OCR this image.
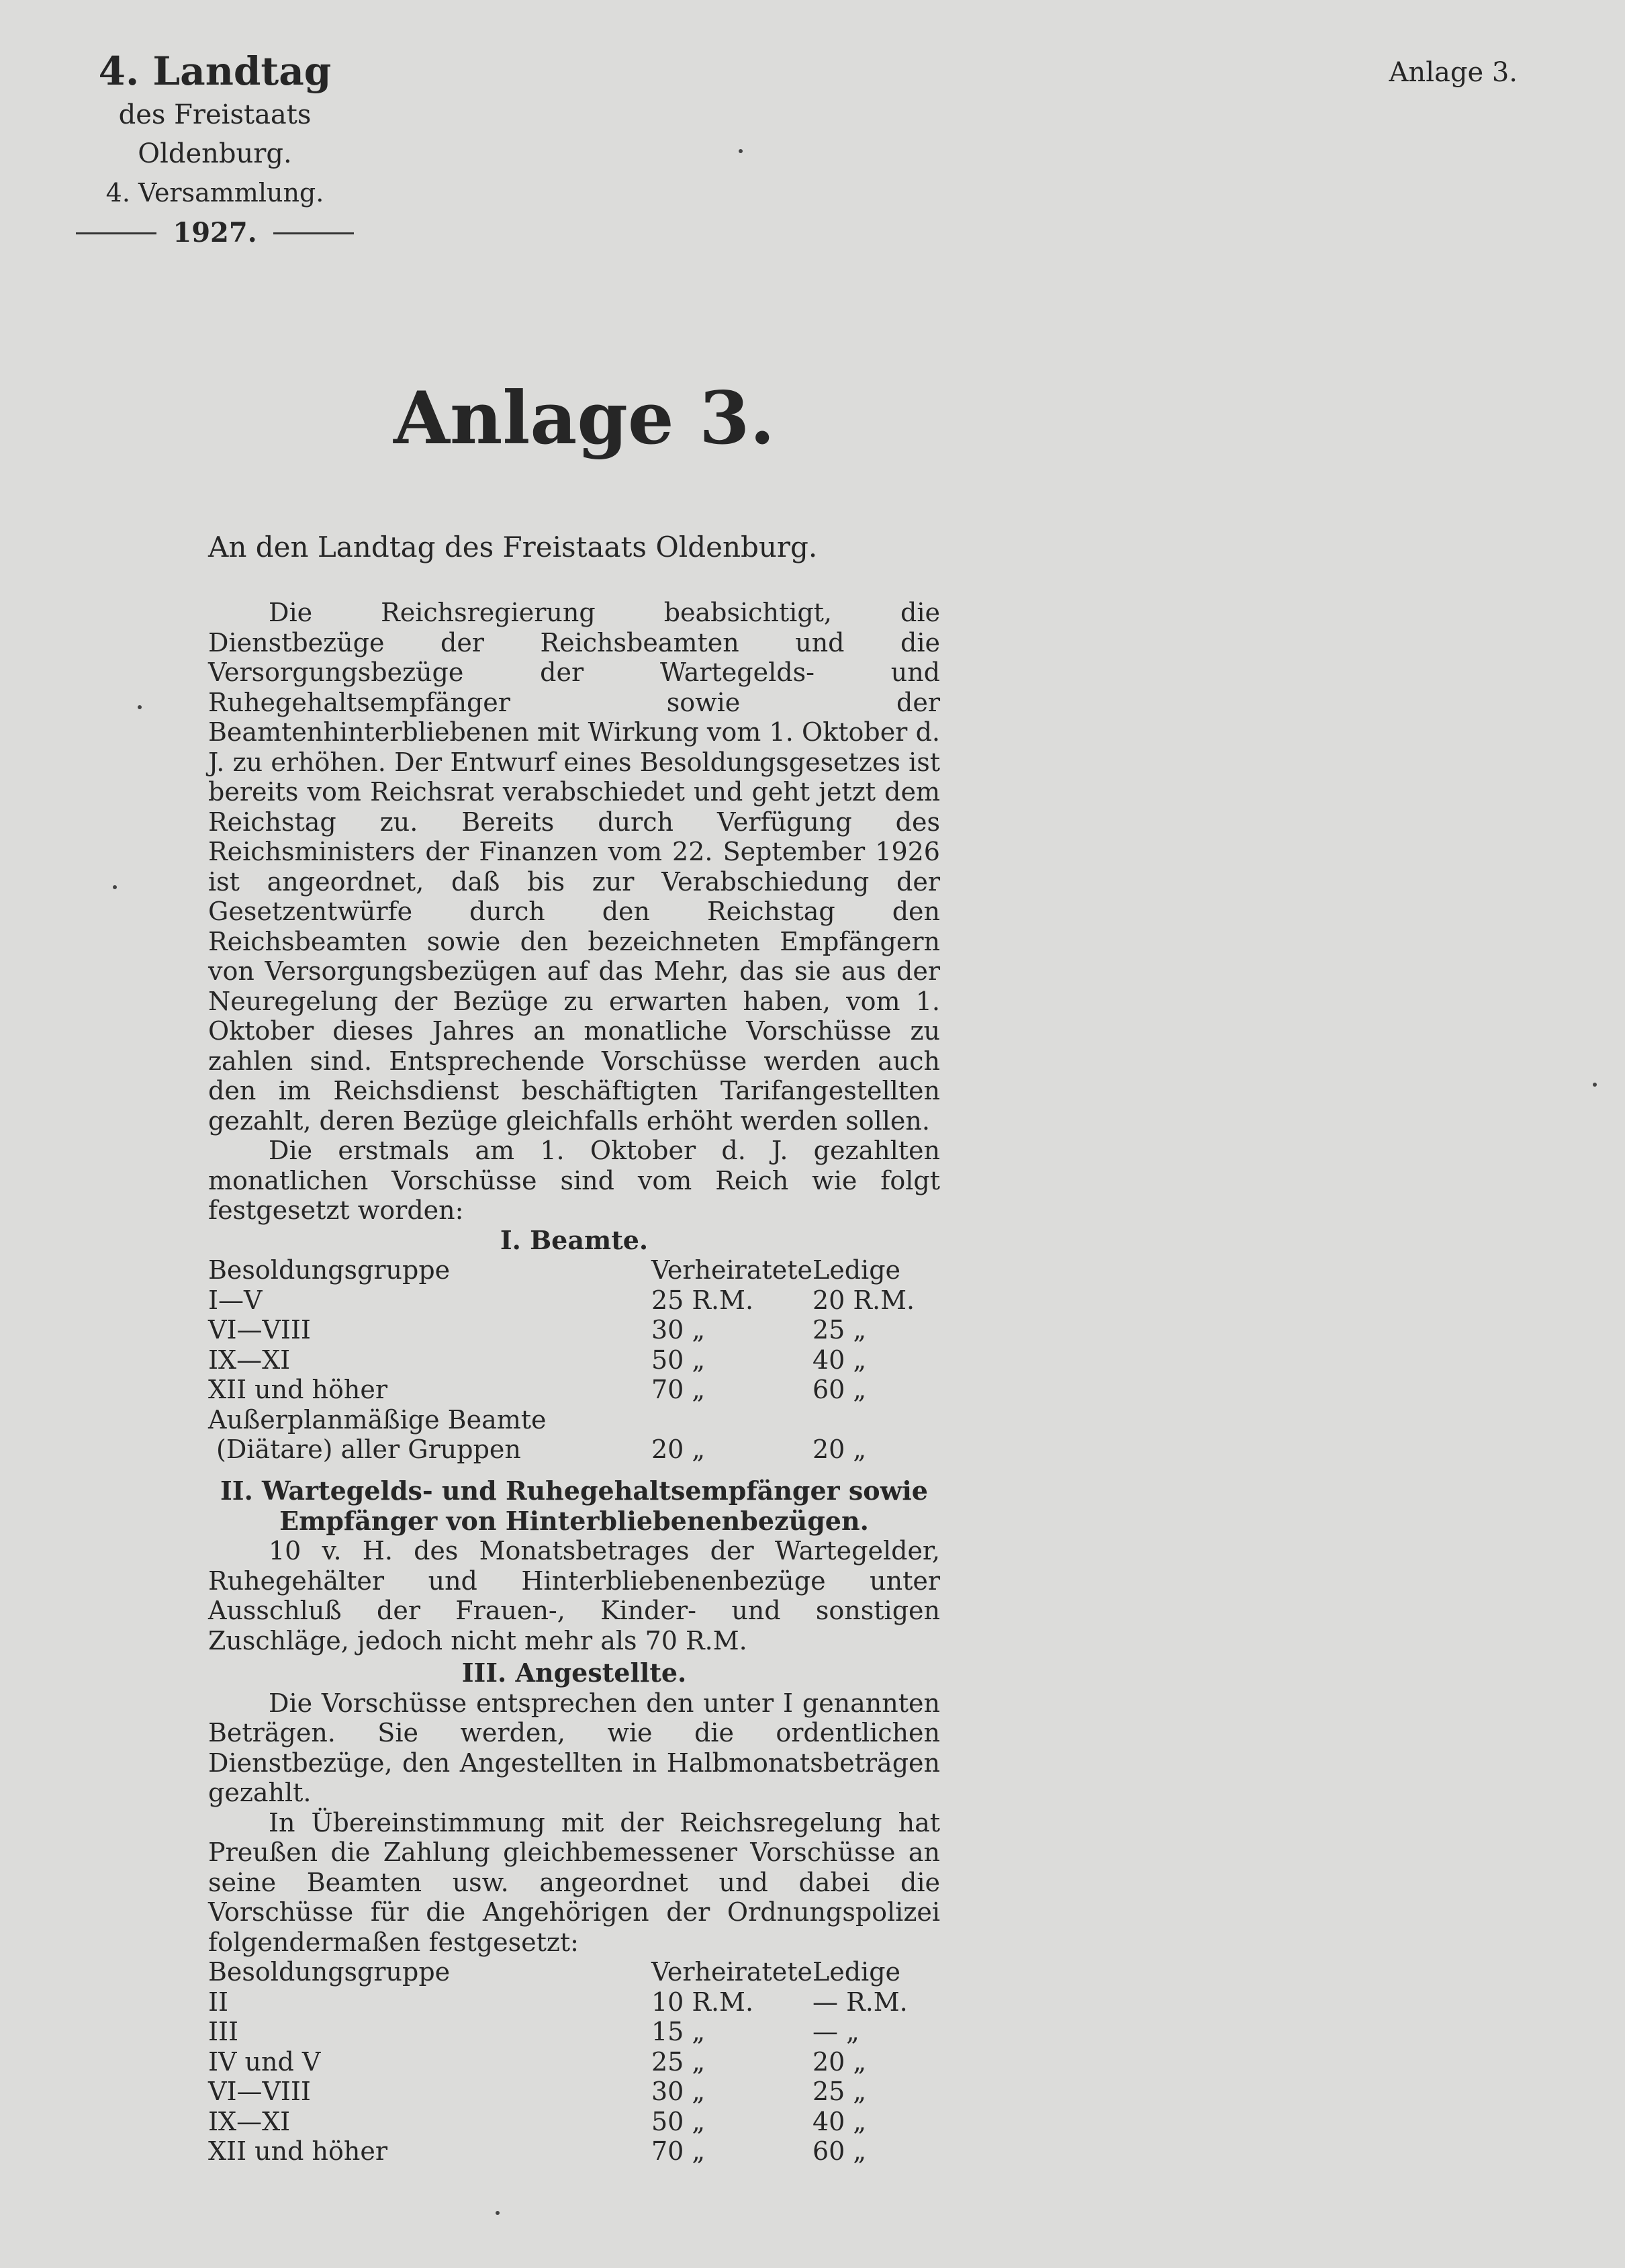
4. Landtag
des Freistaats Oldenburg.
4. Versammlung.
1927.
Anlage 3.
Anlage 3.
An den Landtag des Freistaats Oldenburg.

Die Reichsregierung beabsichtigt, die Dienstbezüge der Reichsbeamten und die Versorgungsbezüge der Wartegelds- und Ruhegehaltsempfänger sowie der Beamtenhinterbliebenen mit Wirkung vom 1. Oktober d. J. zu erhöhen. Der Entwurf eines Besoldungsgesetzes ist bereits vom Reichsrat verabschiedet und geht jetzt dem Reichstag zu. Bereits durch Verfügung des Reichsministers der Finanzen vom 22. September 1926 ist angeordnet, daß bis zur Verabschiedung der Gesetzentwürfe durch den Reichstag den Reichsbeamten sowie den bezeichneten Empfängern von Versorgungsbezügen auf das Mehr, das sie aus der Neuregelung der Bezüge zu erwarten haben, vom 1. Oktober dieses Jahres an monatliche Vorschüsse zu zahlen sind. Entsprechende Vorschüsse werden auch den im Reichsdienst beschäftigten Tarifangestellten gezahlt, deren Bezüge gleichfalls erhöht werden sollen.

Die erstmals am 1. Oktober d. J. gezahlten monatlichen Vorschüsse sind vom Reich wie folgt festgesetzt worden:

I. Beamte.

Besoldungsgruppe	Verheiratete	Ledige
I—V	25 R.M.	20 R.M.
VI—VIII	30 „	25 „
IX—XI	50 „	40 „
XII und höher	70 „	60 „
Außerplanmäßige Beamte		
(Diätare) aller Gruppen	20 „	20 „

II. Wartegelds- und Ruhegehaltsempfänger sowie

Empfänger von Hinterbliebenenbezügen.

10 v. H. des Monatsbetrages der Wartegelder, Ruhegehälter und Hinterbliebenenbezüge unter Ausschluß der Frauen-, Kinder- und sonstigen Zuschläge, jedoch nicht mehr als 70 R.M.

III. Angestellte.

Die Vorschüsse entsprechen den unter I genannten Beträgen. Sie werden, wie die ordentlichen Dienstbezüge, den Angestellten in Halbmonatsbeträgen gezahlt.

In Übereinstimmung mit der Reichsregelung hat Preußen die Zahlung gleichbemessener Vorschüsse an seine Beamten usw. angeordnet und dabei die Vorschüsse für die Angehörigen der Ordnungspolizei folgendermaßen festgesetzt:

Besoldungsgruppe	Verheiratete	Ledige
II	10 R.M.	— R.M.
III	15 „	— „
IV und V	25 „	20 „
VI—VIII	30 „	25 „
IX—XI	50 „	40 „
XII und höher	70 „	60 „
